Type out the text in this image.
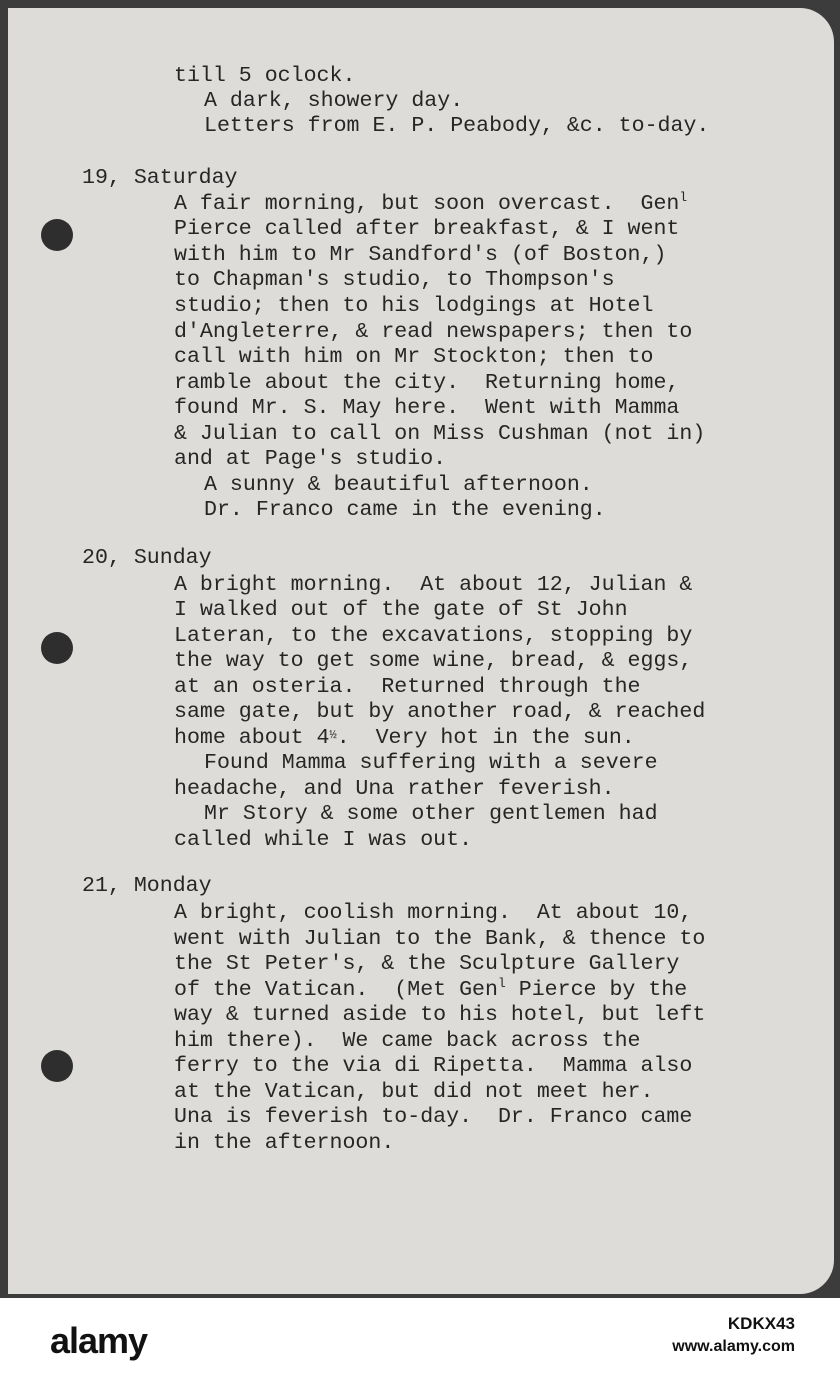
till 5 oclock.

A dark, showery day.

Letters from E. P. Peabody, &c. to-day.

19, Saturday

A fair morning, but soon overcast.  Gen$^l$

Pierce called after breakfast, & I went

with him to Mr Sandford's (of Boston,)

to Chapman's studio, to Thompson's

studio; then to his lodgings at Hotel

d'Angleterre, & read newspapers; then to

call with him on Mr Stockton; then to

ramble about the city.  Returning home,

found Mr. S. May here.  Went with Mamma

& Julian to call on Miss Cushman (not in)

and at Page's studio.

A sunny & beautiful afternoon.

Dr. Franco came in the evening.

20, Sunday

A bright morning.  At about 12, Julian &

I walked out of the gate of St John

Lateran, to the excavations, stopping by

the way to get some wine, bread, & eggs,

at an osteria.  Returned through the

same gate, but by another road, & reached

home about $4^{\frac{1}{2}}$.  Very hot in the sun.

Found Mamma suffering with a severe

headache, and Una rather feverish.

Mr Story & some other gentlemen had

called while I was out.

21, Monday

A bright, coolish morning.  At about 10,

went with Julian to the Bank, & thence to

the St Peter's, & the Sculpture Gallery

of the Vatican.  (Met Gen$^l$ Pierce by the

way & turned aside to his hotel, but left

him there).  We came back across the

ferry to the via di Ripetta.  Mamma also

at the Vatican, but did not meet her.

Una is feverish to-day.  Dr. Franco came

in the afternoon.

alamy	KDKX43
www.alamy.com
